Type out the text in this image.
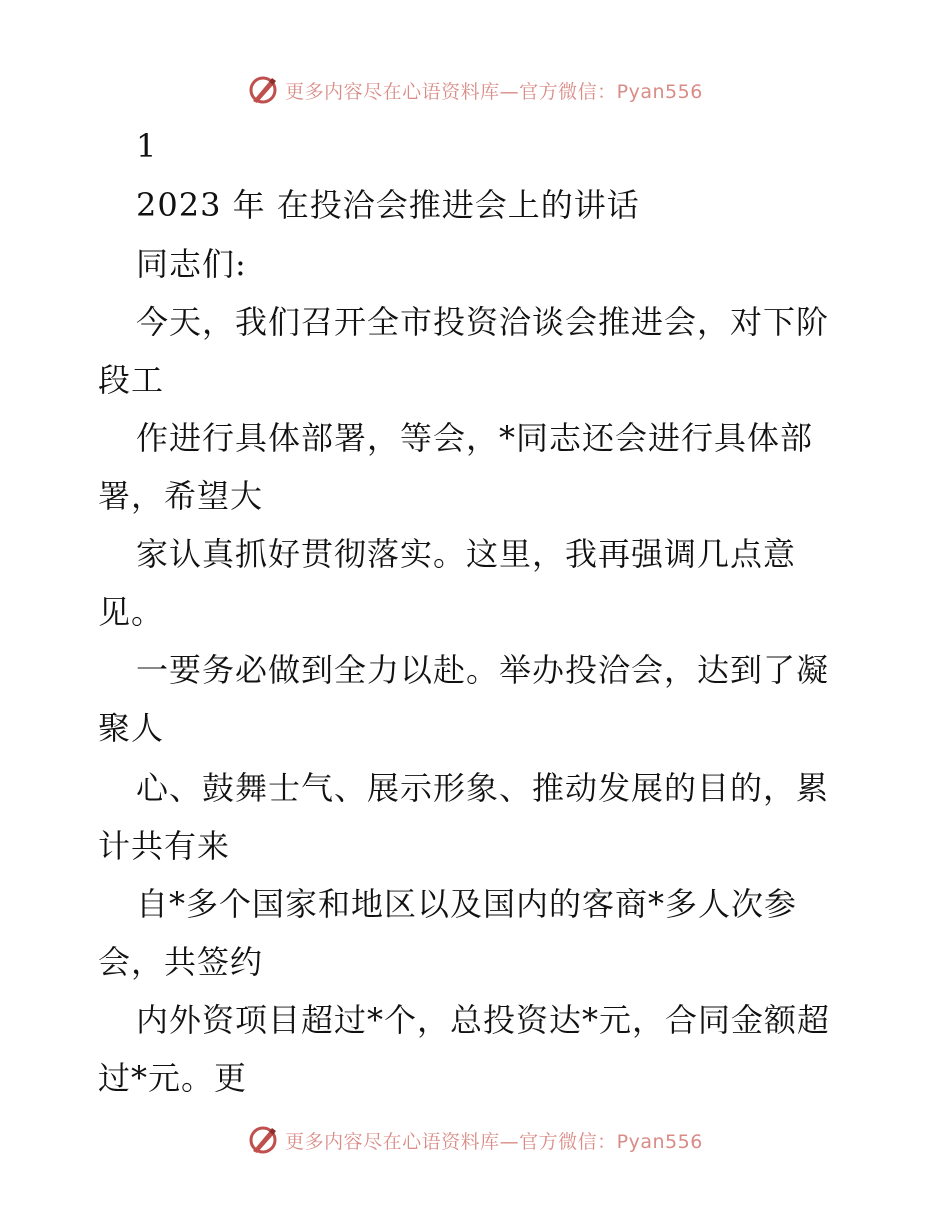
更多内容尽在心语资料库—官方微信：Pyan556
1
2023 年 在投洽会推进会上的讲话
同志们:
今天，我们召开全市投资洽谈会推进会，对下阶
段工
作进行具体部署，等会，*同志还会进行具体部
署，希望大
家认真抓好贯彻落实。这里，我再强调几点意
见。
一要务必做到全力以赴。举办投洽会，达到了凝
聚人
心、鼓舞士气、展示形象、推动发展的目的，累
计共有来
自*多个国家和地区以及国内的客商*多人次参
会，共签约
内外资项目超过*个，总投资达*元，合同金额超
过*元。更
更多内容尽在心语资料库—官方微信：Pyan556
